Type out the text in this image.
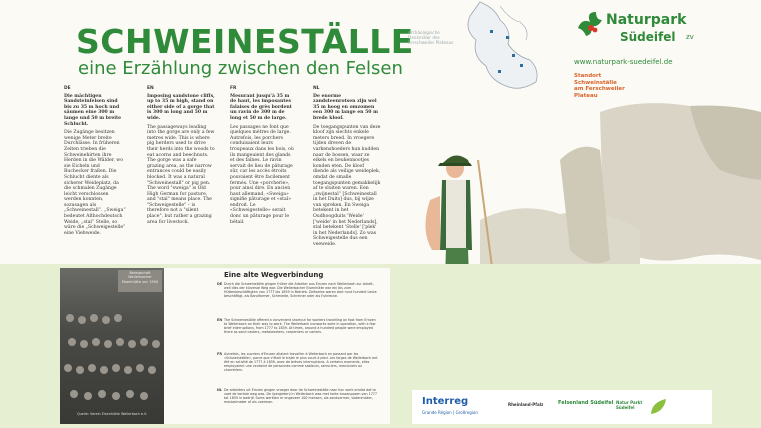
SCHWEINESTÄLLE
eine Erzählung zwischen den Felsen
DE
Die mächtigen Sandsteinfelsen sind bis zu 35 m hoch und säumen eine 300 m lange und 50 m breite Schlucht.

Die Zugänge besitzen wenige Meter breite Durchlässe. In früheren Zeiten trieben die Schweinehirten ihre Herden in die Wälder, wo sie Eicheln und Buchecker fraßen. Die Schlucht diente als sicherer Weideplatz, da die schmalen Zugänge leicht verschlossen werden konnten, sozusagen als „Schweinestall“. „Sweiga“ bedeutet Althochdeutsch Weide, „stal“ Stelle, so wäre die „Schweigestelle“ eine Viehweide.

EN
Imposing sandstone cliffs, up to 35 m high, stand on either side of a gorge that is 300 m long and 50 m wide.

The passageways leading into the gorge are only a few metres wide. This is where pig herders used to drive their herds into the woods to eat acorns and beechnuts. The gorge was a safe grazing area, as the narrow entrances could be easily blocked. It was a natural "Schweinestall" or pig pen. The word "sweiga" is Old High German for pasture, and "stal" means place. The "Schweigestelle" – is therefore not a "silent place", but rather a grazing area for livestock.

FR
Mesurant jusqu'à 35 m de haut, les imposantes falaises de grès bordent un ravin de 300 m de long et 50 m de large.

Les passages ne font que quelques mètres de large. Autrefois, les porchers conduisaient leurs troupeaux dans les bois, où ils mangeaient des glands et des faînes. Le ravin servait de lieu de pâturage sûr, car les accès étroits pouvaient être facilement fermés. Une «porcherie», pour ainsi dire. En ancien haut allemand, «Sweiga» signifie pâturage et «stal» endroit. Le «Schweigestelle» serait donc un pâturage pour le bétail.

NL
De enorme zandsteenrotsen zijn wel 35 m hoog en omzomen een 300 m lange en 50 m brede kloof.

De toegangspunten van deze kloof zijn slechts enkele meters breed. In vroegere tijden dreven de varkenshoeders hun kudden naar de bossen, waar ze eikels en beukennootjes konden eten. De kloof diende als veilige weideplek, omdat de smalle toegangspunten gemakkelijk af te sluiten waren. Een „zwijnestal“ [Schweinestall in het Duits] dus, bij wijze van spreken. En Sweiga betekent in het Oudhoogduits 'Weide' ['weide' in het Nederlands], stal betekent 'Stelle' ['plek' in het Nederlands]. Zo was Schweigestelle dus een veeweide.

Belegschaft Weilerbacher Eisenhütte vor 1900
Quelle: Verein Eisenhütte Weilerbach e.V.
Eine alte Wegverbindung
DE Durch die Schweinetälle gingen früher die Arbeiter aus Ernzen nach Weilerbach zur Arbeit, weil dies der kürzeste Weg war. Die Weilerbacher Eisenhütte war ein bis zum Hüttenbeschäftigten von 1777 bis 1859 in Betrieb. Zeitweise waren dort rund hundert Leute beschäftigt, als Bandformer, Schmiede, Schreiner oder als Fuhrleute.
EN The Schweineställe offered a convenient shortcut for workers travelling on foot from Ernzen to Weilerbach on their way to work. The Weilerbach ironworks were in operation, with a few brief interruptions, from 1777 to 1859. At times, around a hundred people were employed there as sand casters, metalworkers, carpenters or carters.
FR Autrefois, les ouvriers d'Ernzen allaient travailler à Weilerbach en passant par les «Schweinetälle», parce que c'était le trajet le plus court à pied. Les forges de Weilerbach ont été en activité de 1777 à 1859, avec de brèves interruptions. A certains moments, elles employaient une centaine de personnes comme sableurs, serruriers, menuisiers ou charretiers.
NL De arbeiders uit Ernzen gingen vroeger door de Schweineställe naar hun werk omdat dat te voet de kortste weg was. De ijzergieterij in Weilerbach was met korte tussenpozen van 1777 tot 1859 in bedrijf. Soms werkten er ongeveer 100 mensen, als zandvormer, slotenmaker, meubelmaker of als voerman.
Archäologische
Denkmäler des
Ferschweiler Plateaus
Naturpark
Südeifel zv
www.naturpark-suedeifel.de
Standort
Schweinställe
am Ferschweiler
Plateau
Interreg
Grande Région | Großregion
Rheinland-Pfalz	Felsenland Südeifel Natur Parkt Südeifel
